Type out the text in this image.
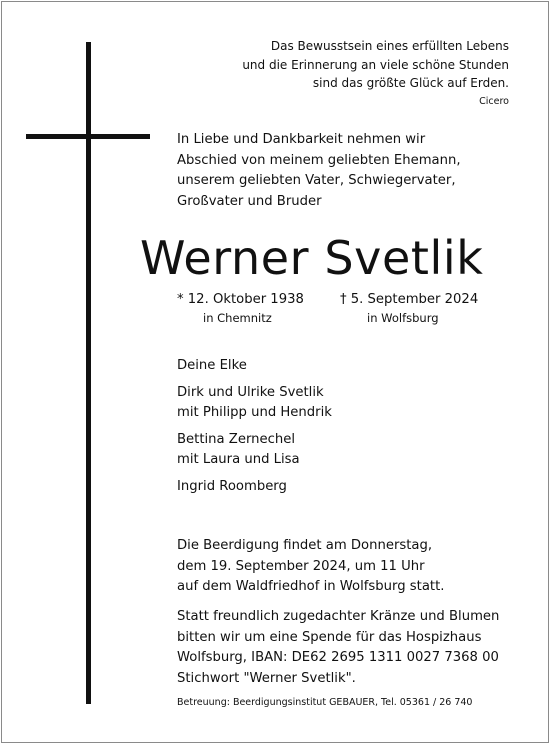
Das Bewusstsein eines erfüllten Lebens
und die Erinnerung an viele schöne Stunden
sind das größte Glück auf Erden.
Cicero
In Liebe und Dankbarkeit nehmen wir
Abschied von meinem geliebten Ehemann,
unserem geliebten Vater, Schwiegervater,
Großvater und Bruder
Werner Svetlik
* 12. Oktober 1938
in Chemnitz
† 5. September 2024
in Wolfsburg
Deine Elke
Dirk und Ulrike Svetlik
mit Philipp und Hendrik
Bettina Zernechel
mit Laura und Lisa
Ingrid Roomberg
Die Beerdigung findet am Donnerstag,
dem 19. September 2024, um 11 Uhr
auf dem Waldfriedhof in Wolfsburg statt.
Statt freundlich zugedachter Kränze und Blumen
bitten wir um eine Spende für das Hospizhaus
Wolfsburg, IBAN: DE62 2695 1311 0027 7368 00
Stichwort "Werner Svetlik".
Betreuung: Beerdigungsinstitut GEBAUER, Tel. 05361 / 26 740
